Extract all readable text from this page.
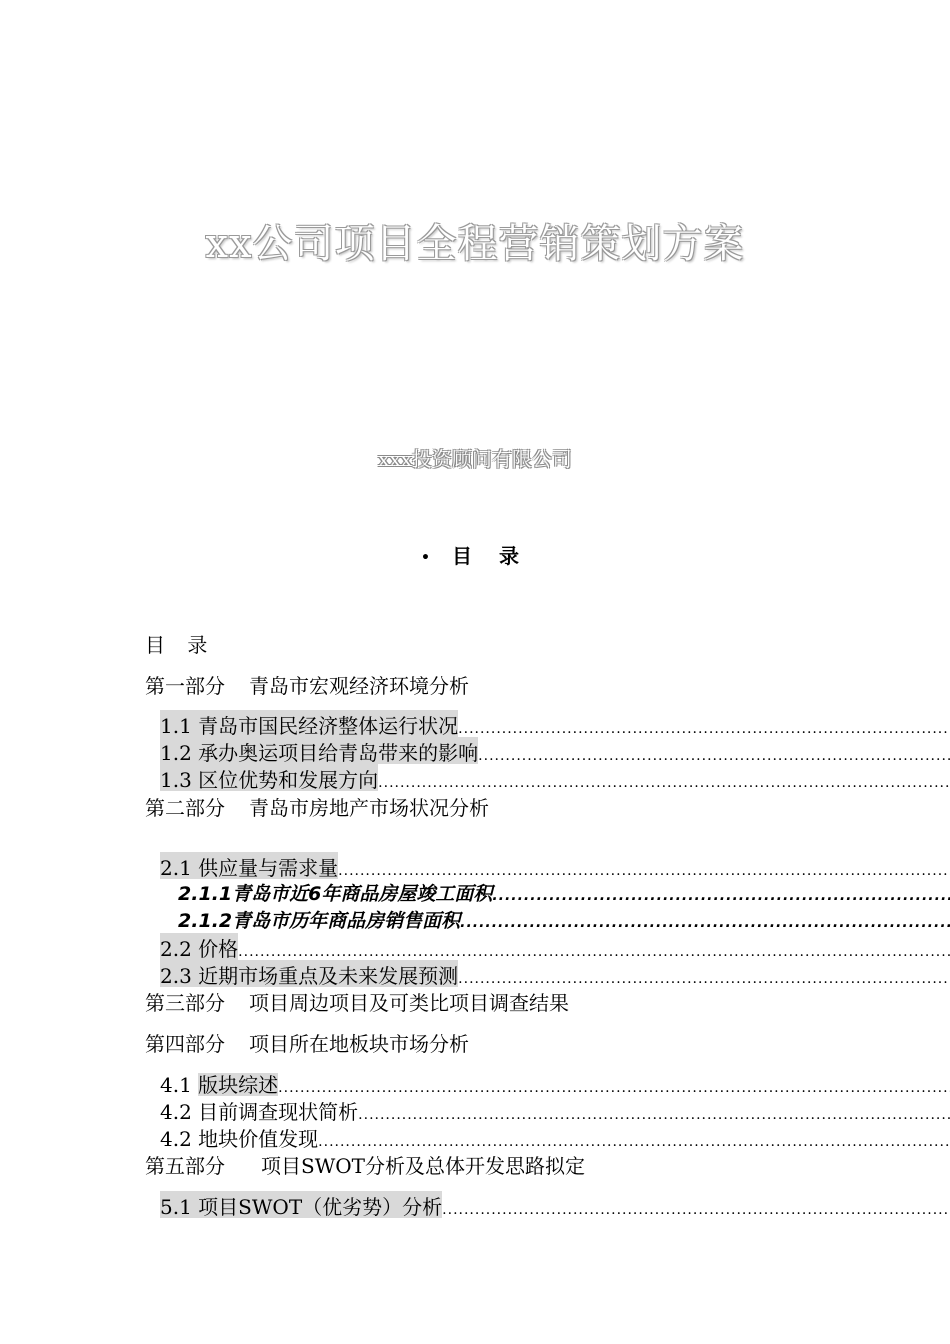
xx公司项目全程营销策划方案
xxx投资顾问有限公司
• 目 录
目 录
第一部分 青岛市宏观经济环境分析
1.1 青岛市国民经济整体运行状况
.....
1.2 承办奥运项目给青岛带来的影响
.....
1.3 区位优势和发展方向
.....
第二部分 青岛市房地产市场状况分析
2.1 供应量与需求量
.....
2.1.1青岛市近6年商品房屋竣工面积
.....
2.1.2青岛市历年商品房销售面积
.....
2.2 价格
.....
2.3 近期市场重点及未来发展预测
.....
第三部分 项目周边项目及可类比项目调查结果
第四部分 项目所在地板块市场分析
4.1 版块综述
.....
4.2 目前调查现状简析
.....
4.2 地块价值发现
.....
第五部分 项目SWOT分析及总体开发思路拟定
5.1 项目SWOT（优劣势）分析
.....
